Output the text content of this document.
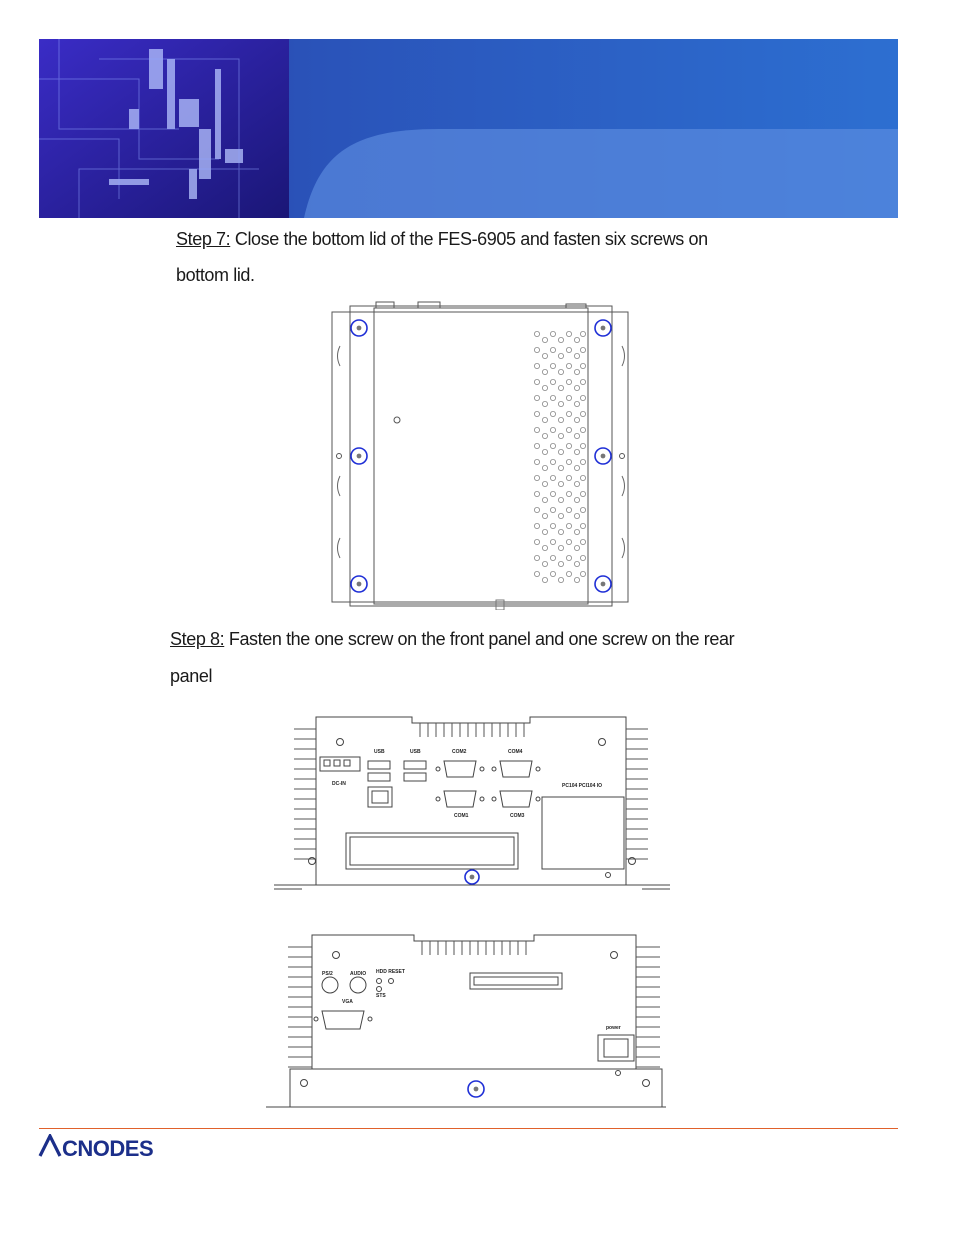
Step 7: Close the bottom lid of the FES-6905 and fasten six screws on
bottom lid.
Step 8: Fasten the one screw on the front panel and one screw on the rear
panel
DC-IN
USB	USB	COM2	COM4
COM1	COM3
PC104 PCI104 IO
PS/2	AUDIO HDD RESET
STS
VGA
power
CNODES
